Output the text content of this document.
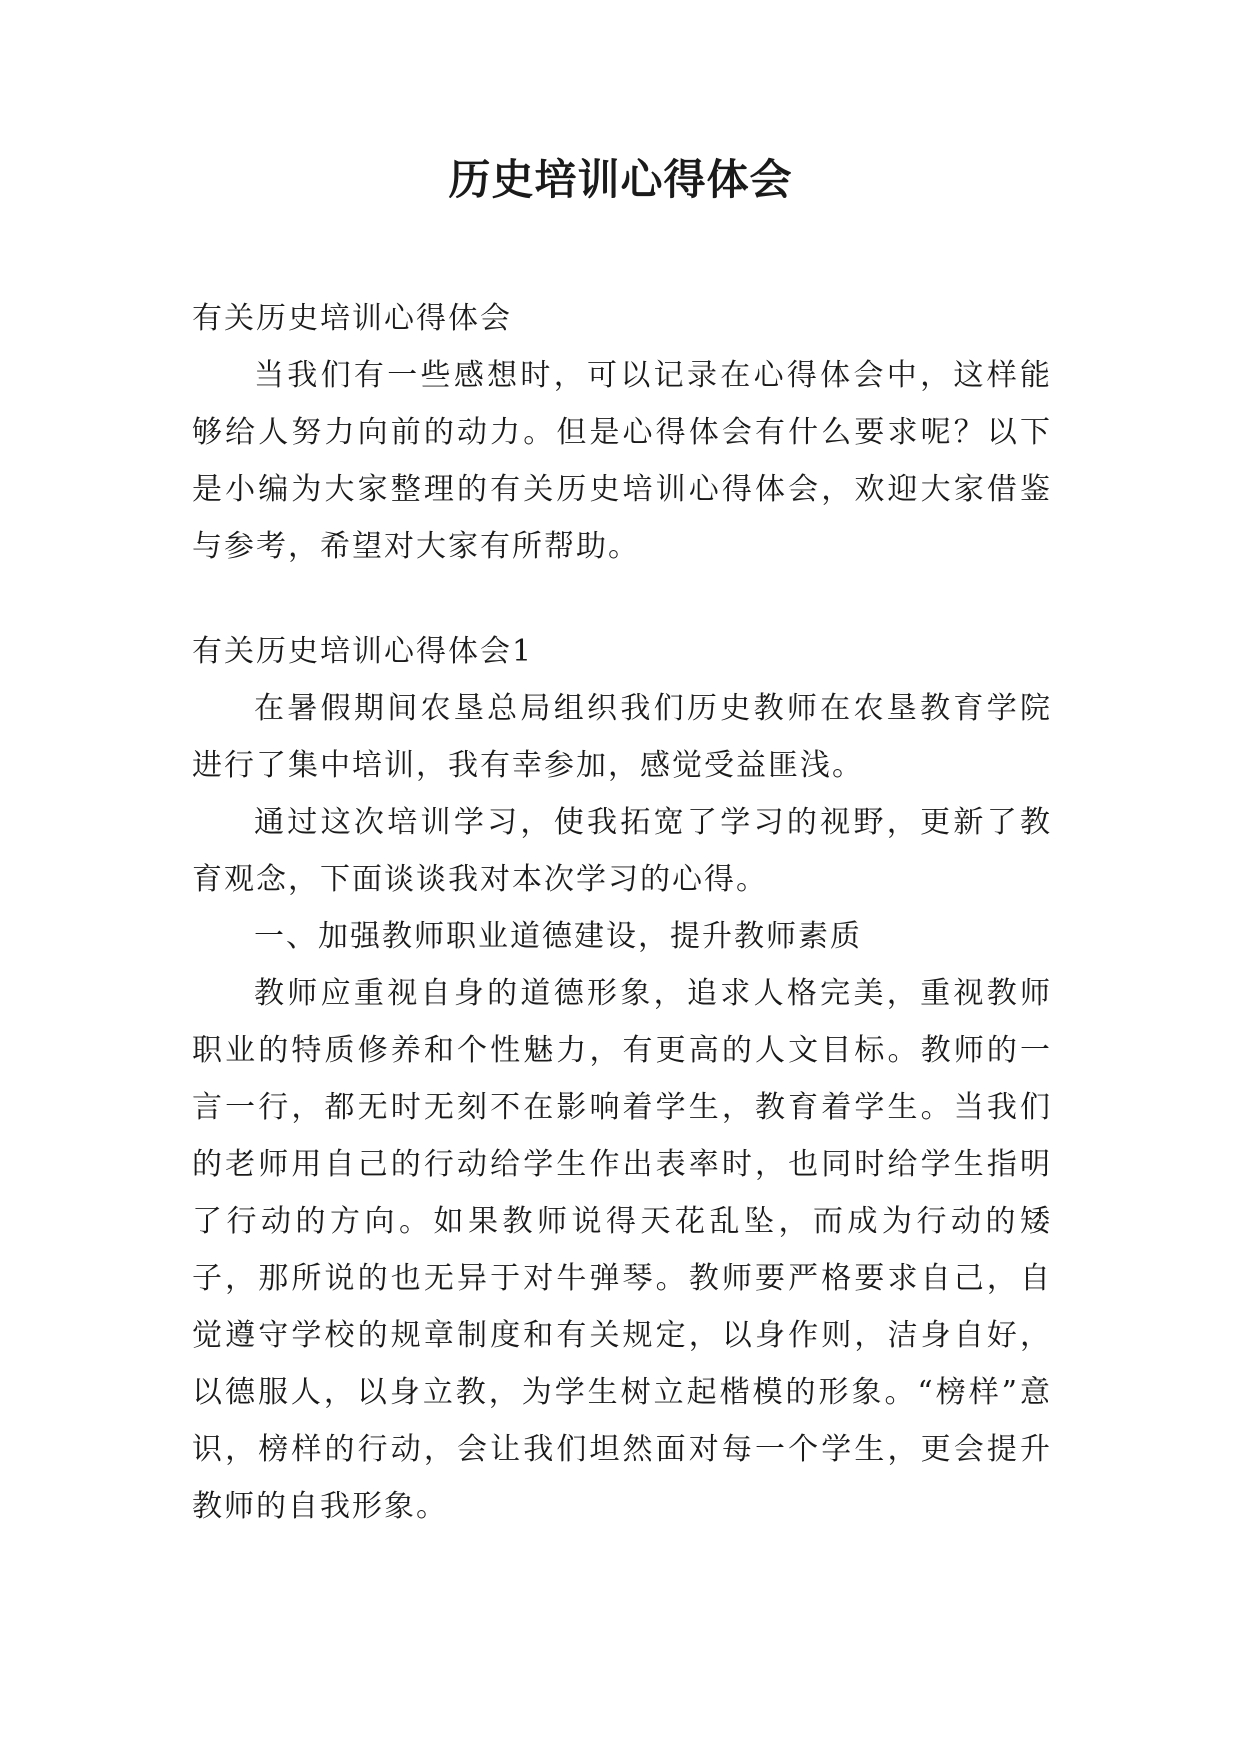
历史培训心得体会

有关历史培训心得体会

当我们有一些感想时，可以记录在心得体会中，这样能够给人努力向前的动力。但是心得体会有什么要求呢？以下是小编为大家整理的有关历史培训心得体会，欢迎大家借鉴与参考，希望对大家有所帮助。

有关历史培训心得体会1

在暑假期间农垦总局组织我们历史教师在农垦教育学院进行了集中培训，我有幸参加，感觉受益匪浅。

通过这次培训学习，使我拓宽了学习的视野，更新了教育观念，下面谈谈我对本次学习的心得。

一、加强教师职业道德建设，提升教师素质

教师应重视自身的道德形象，追求人格完美，重视教师职业的特质修养和个性魅力，有更高的人文目标。教师的一言一行，都无时无刻不在影响着学生，教育着学生。当我们的老师用自己的行动给学生作出表率时，也同时给学生指明了行动的方向。如果教师说得天花乱坠，而成为行动的矮子，那所说的也无异于对牛弹琴。教师要严格要求自己，自觉遵守学校的规章制度和有关规定，以身作则，洁身自好，以德服人，以身立教，为学生树立起楷模的形象。“榜样”意识，榜样的行动，会让我们坦然面对每一个学生，更会提升教师的自我形象。
